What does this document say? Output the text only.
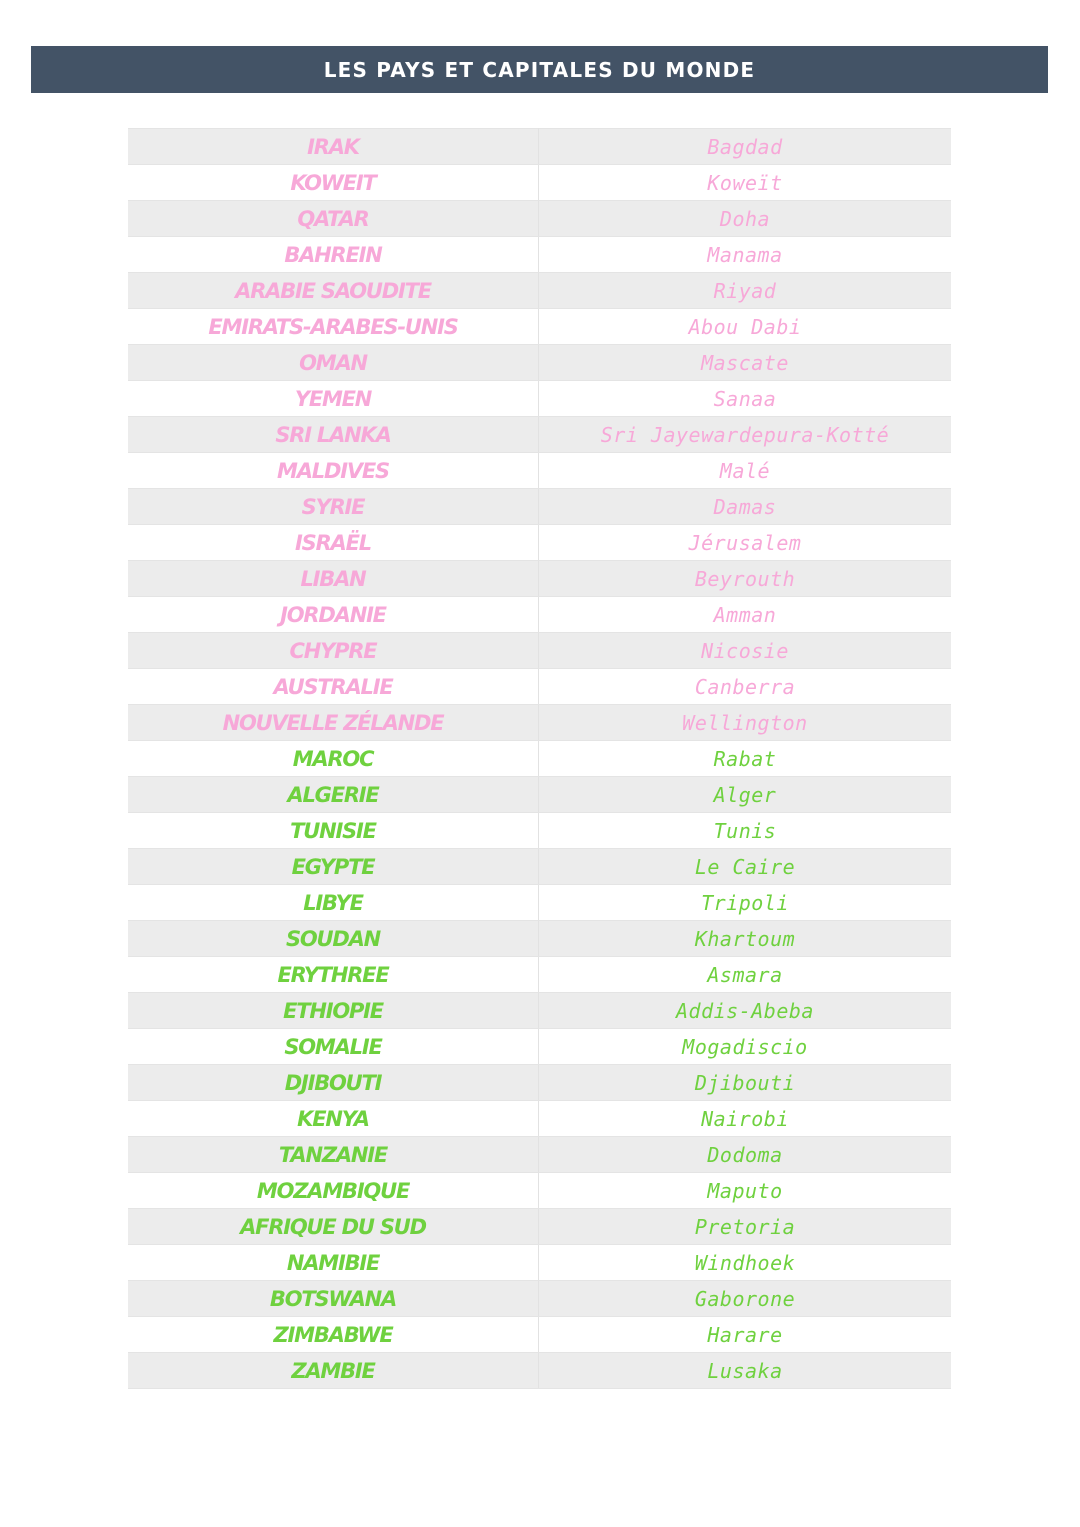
LES PAYS ET CAPITALES DU MONDE
IRAK	Bagdad
KOWEIT	Koweït
QATAR	Doha
BAHREIN	Manama
ARABIE SAOUDITE	Riyad
EMIRATS-ARABES-UNIS	Abou Dabi
OMAN	Mascate
YEMEN	Sanaa
SRI LANKA	Sri Jayewardepura-Kotté
MALDIVES	Malé
SYRIE	Damas
ISRAËL	Jérusalem
LIBAN	Beyrouth
JORDANIE	Amman
CHYPRE	Nicosie
AUSTRALIE	Canberra
NOUVELLE ZÉLANDE	Wellington
MAROC	Rabat
ALGERIE	Alger
TUNISIE	Tunis
EGYPTE	Le Caire
LIBYE	Tripoli
SOUDAN	Khartoum
ERYTHREE	Asmara
ETHIOPIE	Addis-Abeba
SOMALIE	Mogadiscio
DJIBOUTI	Djibouti
KENYA	Nairobi
TANZANIE	Dodoma
MOZAMBIQUE	Maputo
AFRIQUE DU SUD	Pretoria
NAMIBIE	Windhoek
BOTSWANA	Gaborone
ZIMBABWE	Harare
ZAMBIE	Lusaka
